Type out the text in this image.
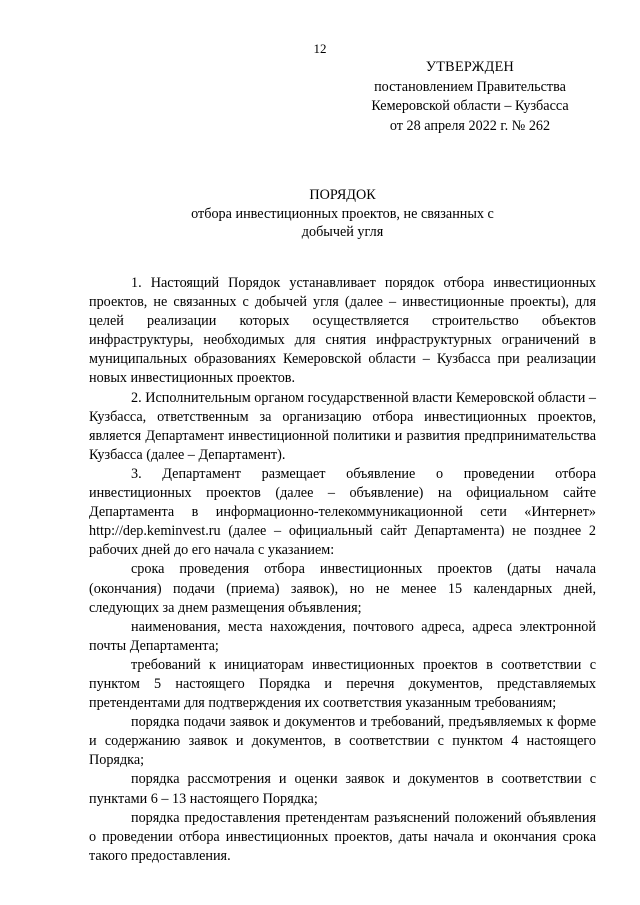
12
УТВЕРЖДЕН
постановлением Правительства
Кемеровской области – Кузбасса
от 28 апреля 2022 г. № 262
ПОРЯДОК
отбора инвестиционных проектов, не связанных с
добычей угля

1. Настоящий Порядок устанавливает порядок отбора инвестиционных проектов, не связанных с добычей угля (далее – инвестиционные проекты), для целей реализации которых осуществляется строительство объектов инфраструктуры, необходимых для снятия инфраструктурных ограничений в муниципальных образованиях Кемеровской области – Кузбасса при реализации новых инвестиционных проектов.

2. Исполнительным органом государственной власти Кемеровской области – Кузбасса, ответственным за организацию отбора инвестиционных проектов, является Департамент инвестиционной политики и развития предпринимательства Кузбасса (далее – Департамент).

3. Департамент размещает объявление о проведении отбора инвестиционных проектов (далее – объявление) на официальном сайте Департамента в информационно-телекоммуникационной сети «Интернет» http://dep.keminvest.ru (далее – официальный сайт Департамента) не позднее 2 рабочих дней до его начала с указанием:

срока проведения отбора инвестиционных проектов (даты начала (окончания) подачи (приема) заявок), но не менее 15 календарных дней, следующих за днем размещения объявления;

наименования, места нахождения, почтового адреса, адреса электронной почты Департамента;

требований к инициаторам инвестиционных проектов в соответствии с пунктом 5 настоящего Порядка и перечня документов, представляемых претендентами для подтверждения их соответствия указанным требованиям;

порядка подачи заявок и документов и требований, предъявляемых к форме и содержанию заявок и документов, в соответствии с пунктом 4 настоящего Порядка;

порядка рассмотрения и оценки заявок и документов в соответствии с пунктами 6 – 13 настоящего Порядка;

порядка предоставления претендентам разъяснений положений объявления о проведении отбора инвестиционных проектов, даты начала и окончания срока такого предоставления.
